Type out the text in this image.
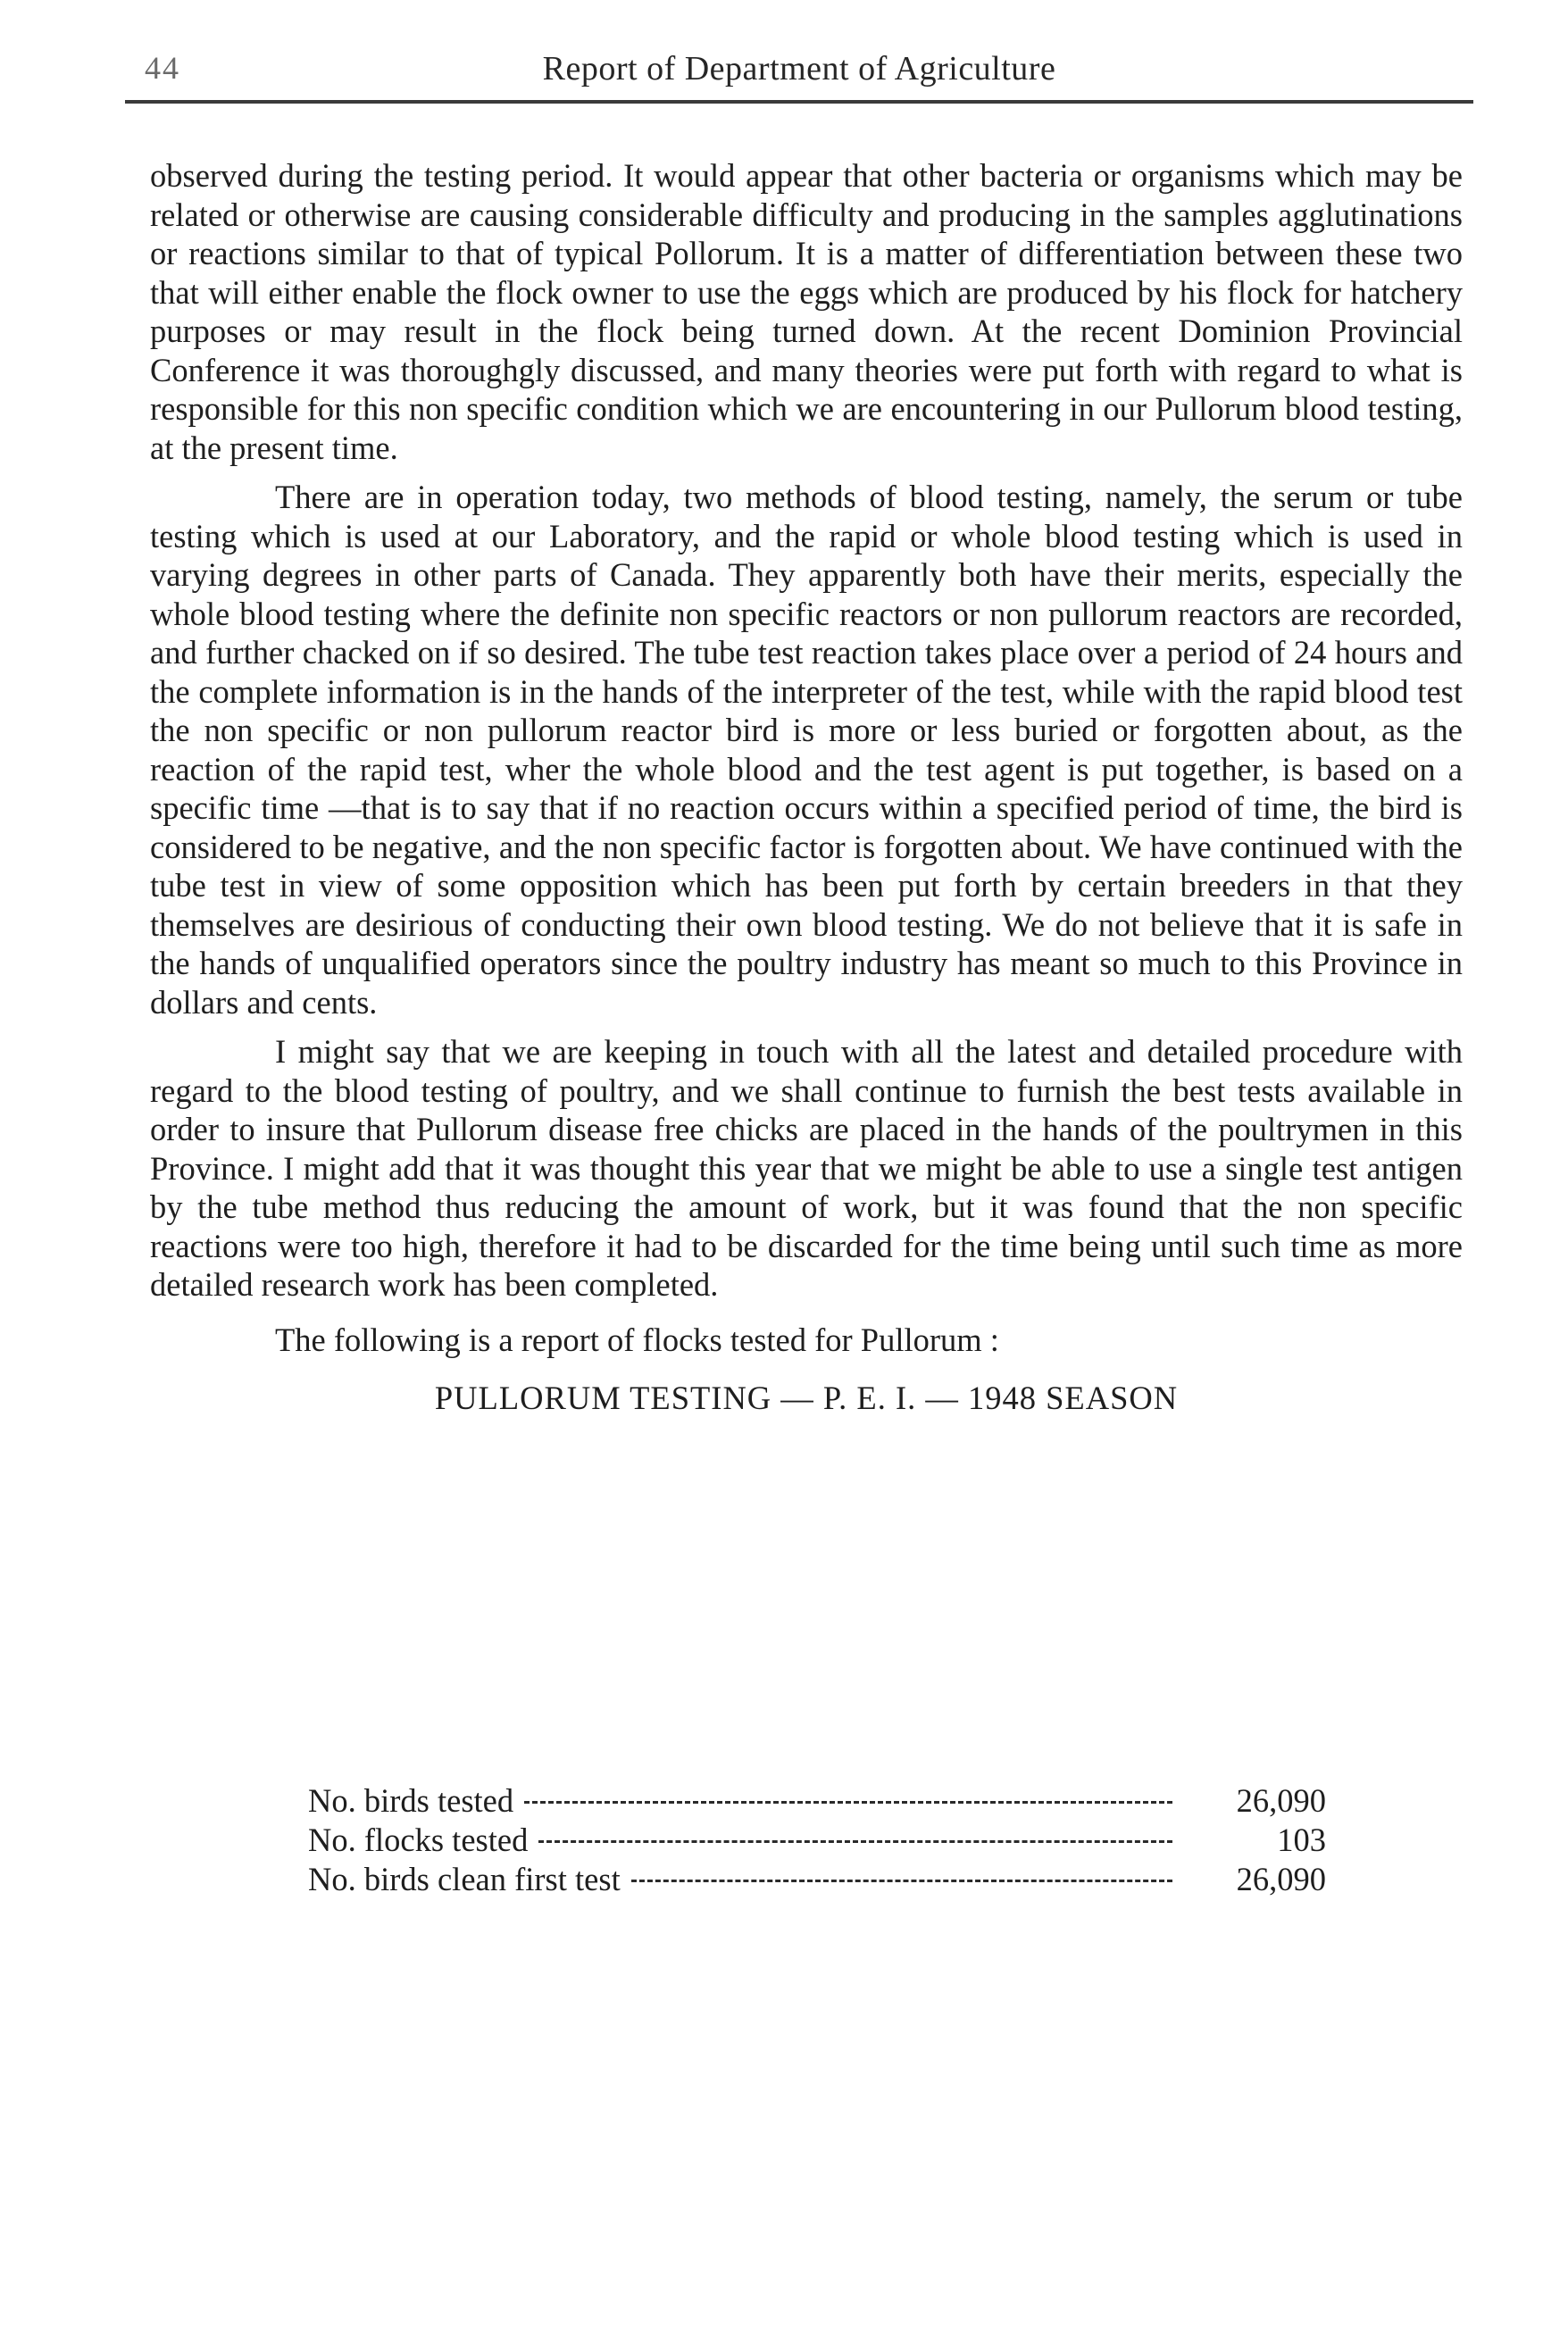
44	Report of Department of Agriculture

observed during the testing period. It would appear that other bacteria or organisms which may be related or otherwise are causing considerable difficulty and producing in the samples agglutinations or reactions similar to that of typical Pollorum. It is a matter of differentiation between these two that will either enable the flock owner to use the eggs which are produced by his flock for hatchery purposes or may result in the flock being turned down. At the recent Dominion Provincial Conference it was thoroughgly discussed, and many theories were put forth with regard to what is responsible for this non specific condition which we are encountering in our Pullorum blood testing, at the present time.

There are in operation today, two methods of blood testing, namely, the serum or tube testing which is used at our Laboratory, and the rapid or whole blood testing which is used in varying degrees in other parts of Canada. They apparently both have their merits, especially the whole blood testing where the definite non specific reactors or non pullorum reactors are recorded, and further chacked on if so desired. The tube test reaction takes place over a period of 24 hours and the complete information is in the hands of the interpreter of the test, while with the rapid blood test the non specific or non pullorum reactor bird is more or less buried or forgotten about, as the reaction of the rapid test, wher the whole blood and the test agent is put together, is based on a specific time —that is to say that if no reaction occurs within a specified period of time, the bird is considered to be negative, and the non specific factor is forgotten about. We have continued with the tube test in view of some opposition which has been put forth by certain breeders in that they themselves are desirious of conducting their own blood testing. We do not believe that it is safe in the hands of unqualified operators since the poultry industry has meant so much to this Province in dollars and cents.

I might say that we are keeping in touch with all the latest and detailed procedure with regard to the blood testing of poultry, and we shall continue to furnish the best tests available in order to insure that Pullorum disease free chicks are placed in the hands of the poultrymen in this Province. I might add that it was thought this year that we might be able to use a single test antigen by the tube method thus reducing the amount of work, but it was found that the non specific reactions were too high, therefore it had to be discarded for the time being until such time as more detailed research work has been completed.

The following is a report of flocks tested for Pullorum :

PULLORUM TESTING — P. E. I. — 1948 SEASON

No. birds tested	26,090
No. flocks tested	103
No. birds clean first test	26,090
